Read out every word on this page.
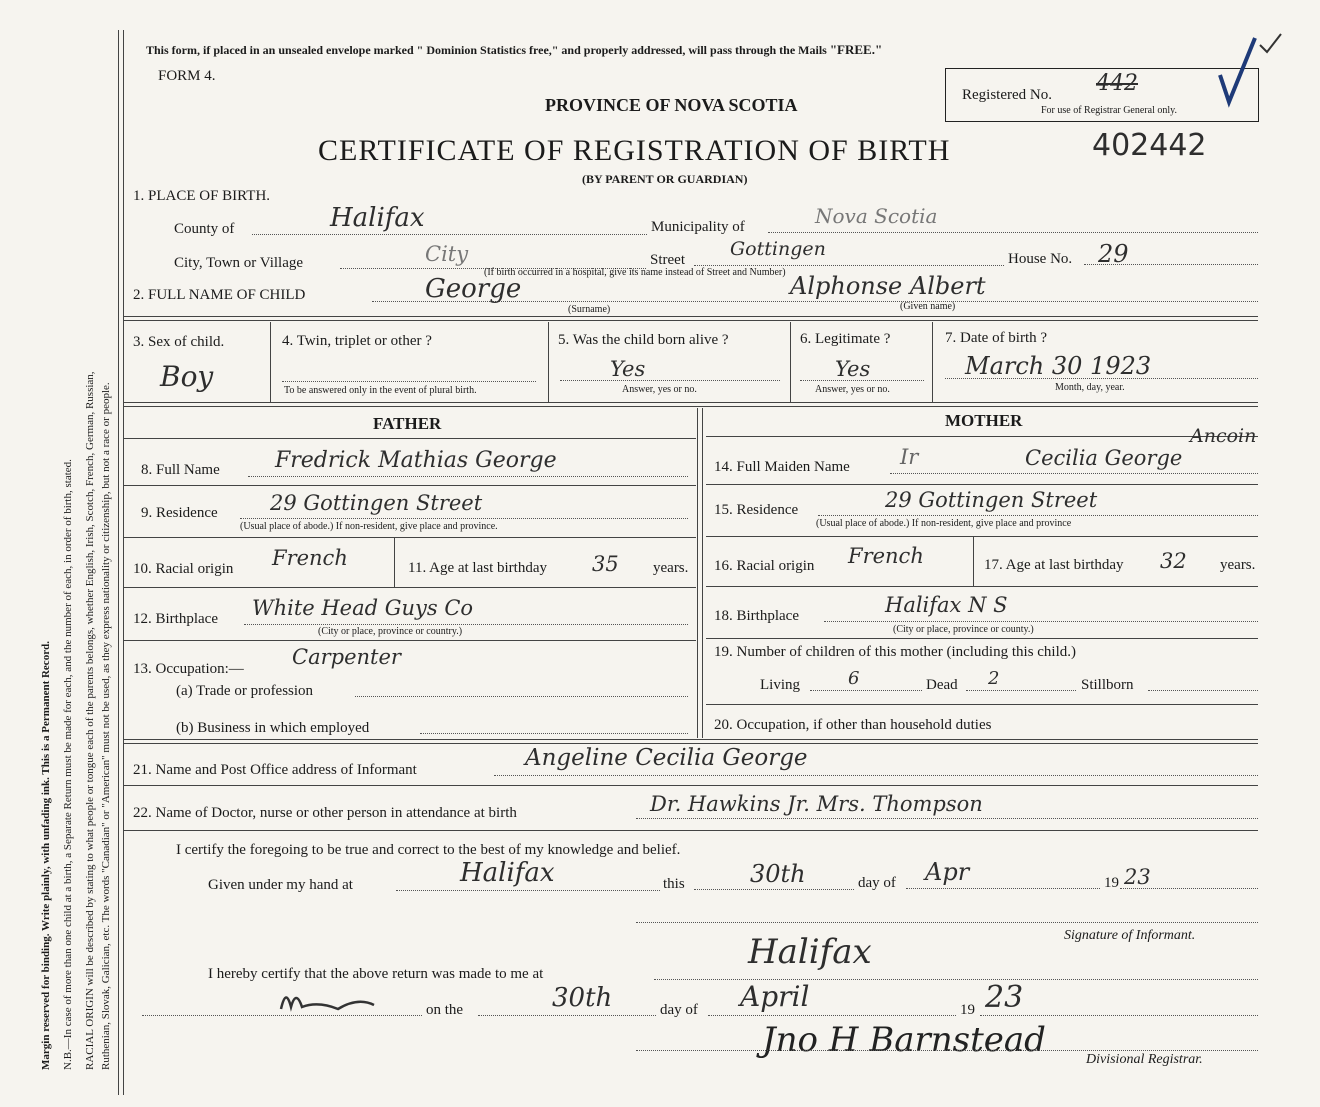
Margin reserved for binding. Write plainly, with unfading ink. This is a Permanent Record. N.B.—In case of more than one child at a birth, a Separate Return must be made for each, and the number of each, in order of birth, stated. RACIAL ORIGIN will be described by stating to what people or tongue each of the parents belongs, whether English, Irish, Scotch, French, German, Russian, Ruthenian, Slovak, Galician, etc. The words "Canadian" or "American" must not be used, as they express nationality or citizenship, but not a race or people.
This form, if placed in an unsealed envelope marked " Dominion Statistics free," and properly addressed, will pass through the Mails "FREE."
FORM 4.
PROVINCE OF NOVA SCOTIA	Registered No. 442
For use of Registrar General only.
CERTIFICATE OF REGISTRATION OF BIRTH	402442
(BY PARENT OR GUARDIAN)
1. PLACE OF BIRTH.
County of	Halifax	Municipality of	Nova Scotia
City, Town or Village	City	Street Gottingen
(If birth occurred in a hospital, give its name instead of Street and Number)
House No. 29
2. FULL NAME OF CHILD	George
(Surname)
Alphonse Albert
(Given name)
3. Sex of child.
Boy
4. Twin, triplet or other ?
To be answered only in the event of plural birth.
5. Was the child born alive ?
Yes
Answer, yes or no.
6. Legitimate ?
Yes
Answer, yes or no.
7. Date of birth ?
March 30 1923
Month, day, year.
FATHER	MOTHER
8. Full Name	Fredrick Mathias George
9. Residence 29 Gottingen Street
(Usual place of abode.) If non-resident, give place and province.
10. Racial origin French	11. Age at last birthday 35 years.
12. Birthplace White Head Guys Co
(City or place, province or country.)
13. Occupation:— Carpenter
(a) Trade or profession
(b) Business in which employed
14. Full Maiden Name Ir	Cecilia George
Ancoin
15. Residence	29 Gottingen Street
(Usual place of abode.) If non-resident, give place and province
16. Racial origin French	17. Age at last birthday 32 years.
18. Birthplace	Halifax N S
(City or place, province or county.)
19. Number of children of this mother (including this child.)
Living	6	Dead 2	Stillborn
20. Occupation, if other than household duties
21. Name and Post Office address of Informant	Angeline Cecilia George
22. Name of Doctor, nurse or other person in attendance at birth	Dr. Hawkins Jr. Mrs. Thompson
I certify the foregoing to be true and correct to the best of my knowledge and belief.
Given under my hand at	Halifax	this	30th	day of Apr	19 23
Signature of Informant.
I hereby certify that the above return was made to me at
Halifax
on the	30th	day of April	19 23
Jno H Barnstead	Divisional Registrar.
